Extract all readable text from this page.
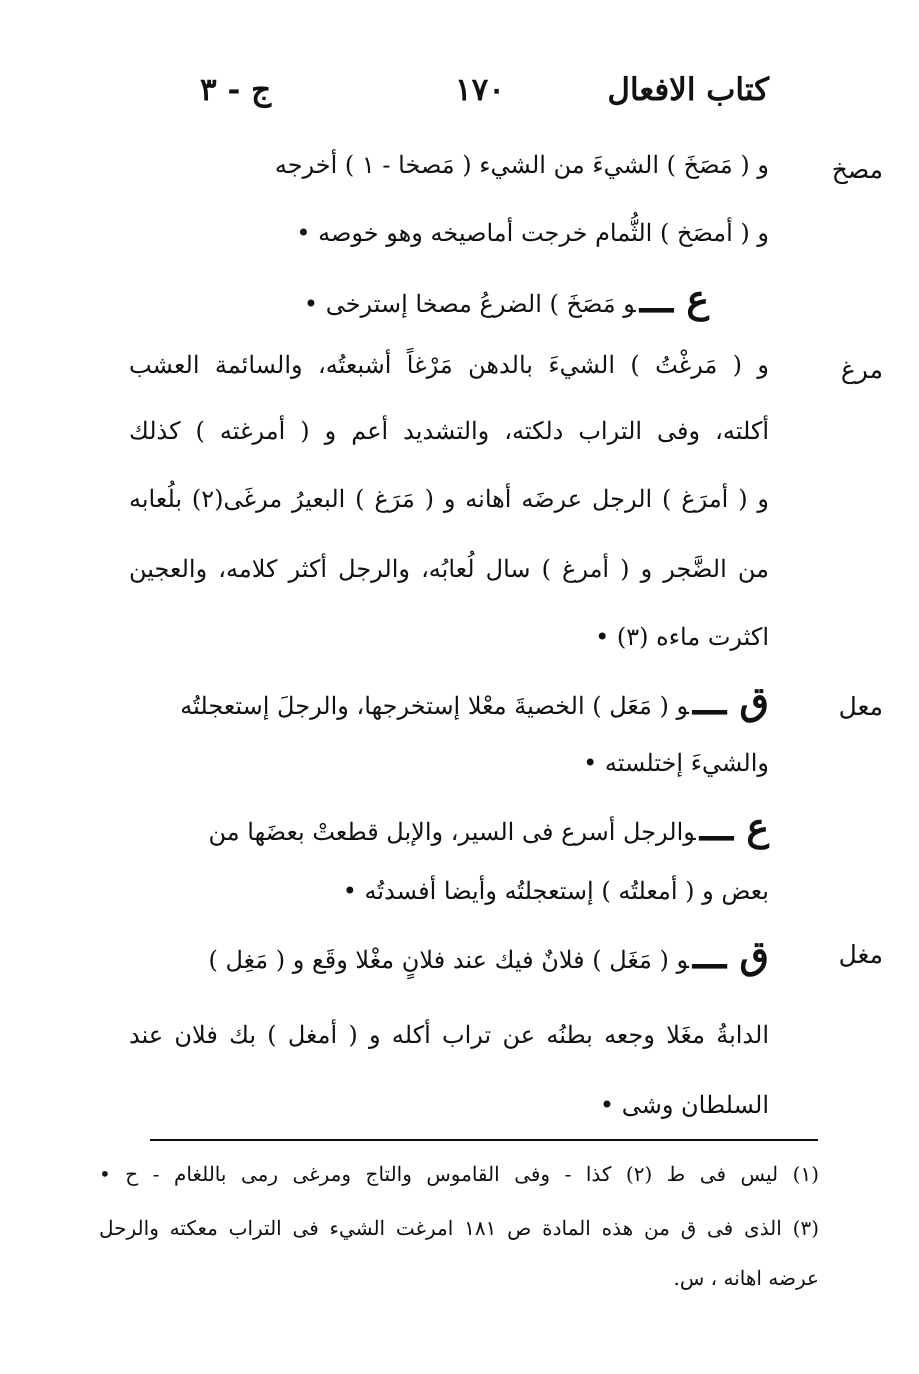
كتاب الافعال
١٧٠
ج - ٣
مصخ
مرغ
معل
مغل
و ( مَصَخَ ) الشيءَ من الشيء ( مَصخا - ١ ) أخرجه
و ( أمصَخ ) الثُّمام خرجت أماصيخه وهو خوصه •
ع ـــو مَصَخَ ) الضرعُ مصخا إسترخى •
و ( مَرغْتُ ) الشيءَ بالدهن مَرْغاً أشبعتُه، والسائمة العشب
أكلته، وفى التراب دلكته، والتشديد أعم و ( أمرغته ) كذلك
و ( أمرَغ ) الرجل عرضَه أهانه و ( مَرَغ ) البعيرُ مرغَى(٢) بلُعابه
من الضَّجر و ( أمرغ ) سال لُعابُه، والرجل أكثر كلامه، والعجين
اكثرت ماءه (٣) •
ق ـــو ( مَعَل ) الخصيةَ معْلا إستخرجها، والرجلَ إستعجلتُه
والشيءَ إختلسته •
ع ـــوالرجل أسرع فى السير، والإبل قطعتْ بعضَها من
بعض و ( أمعلتُه ) إستعجلتُه وأيضا أفسدتُه •
ق ـــو ( مَغَل ) فلانٌ فيك عند فلانٍ مغْلا وقَع و ( مَغِل )
الدابةُ مغَلا وجعه بطنُه عن تراب أكله و ( أمغل ) بك فلان عند
السلطان وشى •
(١) ليس فى ط (٢) كذا - وفى القاموس والتاج ومرغى رمى باللغام - ح •
(٣) الذى فى ق من هذه المادة ص ١٨١ امرغت الشيء فى التراب معكته والرحل
عرضه اهانه ، س.
